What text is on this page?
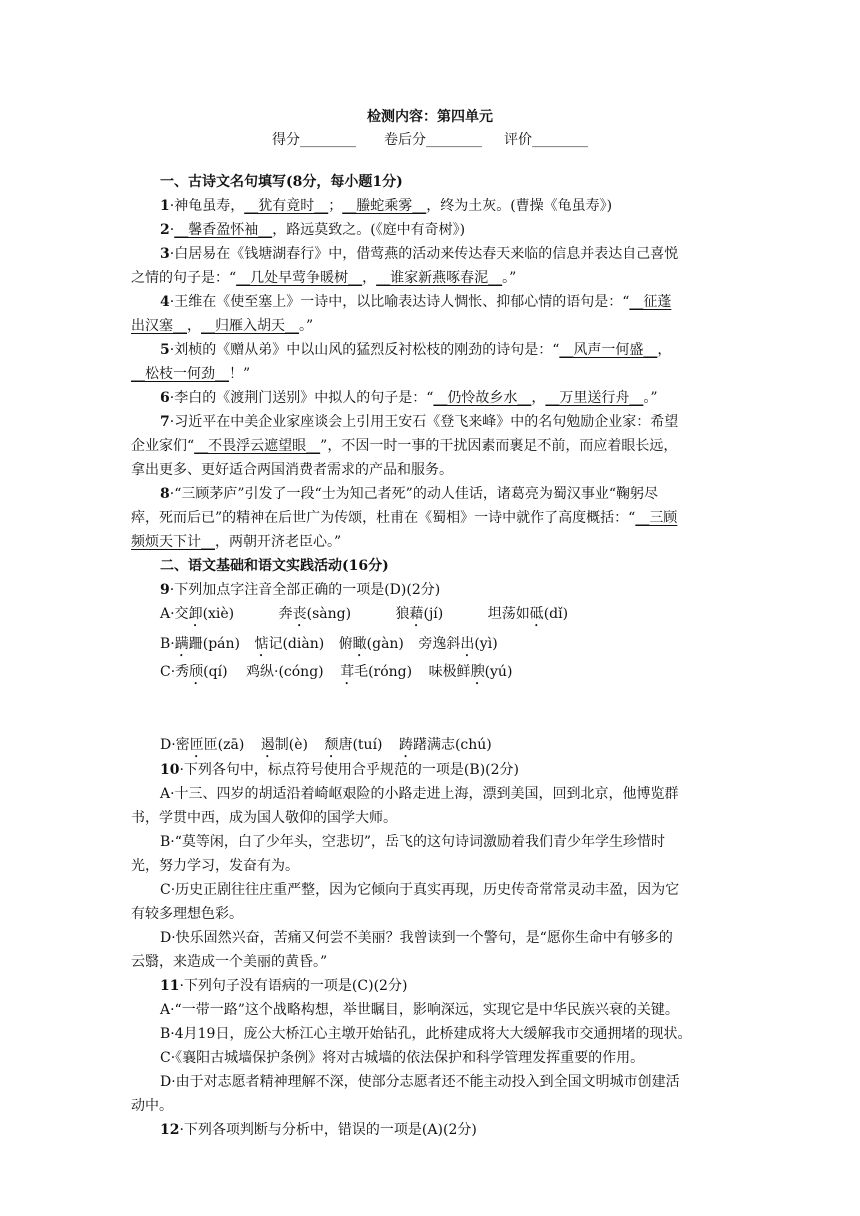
检测内容：第四单元
得分________ 卷后分________ 评价________
一、古诗文名句填写(8分，每小题1分)
1·神龟虽寿，__犹有竟时__；__螣蛇乘雾__，终为土灰。(曹操《龟虽寿》)
2·__馨香盈怀袖__，路远莫致之。(《庭中有奇树》)
3·白居易在《钱塘湖春行》中，借莺燕的活动来传达春天来临的信息并表达自己喜悦
之情的句子是：“__几处早莺争暖树__，__谁家新燕啄春泥__。”
4·王维在《使至塞上》一诗中，以比喻表达诗人惆怅、抑郁心情的语句是：“__征蓬
出汉塞__，__归雁入胡天__。”
5·刘桢的《赠从弟》中以山风的猛烈反衬松枝的刚劲的诗句是：“__风声一何盛__，
__松枝一何劲__！”
6·李白的《渡荆门送别》中拟人的句子是：“__仍怜故乡水__，__万里送行舟__。”
7·习近平在中美企业家座谈会上引用王安石《登飞来峰》中的名句勉励企业家：希望
企业家们“__不畏浮云遮望眼__”，不因一时一事的干扰因素而裹足不前，而应着眼长远，
拿出更多、更好适合两国消费者需求的产品和服务。
8·“三顾茅庐”引发了一段“士为知己者死”的动人佳话，诸葛亮为蜀汉事业“鞠躬尽
瘁，死而后已”的精神在后世广为传颂，杜甫在《蜀相》一诗中就作了高度概括：“__三顾
频烦天下计__，两朝开济老臣心。”
二、语文基础和语文实践活动(16分)
9·下列加点字注音全部正确的一项是(D)(2分)
A·交卸(xiè)	奔丧(sàng)	狼藉(jí)	坦荡如砥(dǐ)
B·蹒跚(pán) 惦记(diàn) 俯瞰(gàn) 旁逸斜出(yì)
C·秀颀(qí) 鸡纵·(cóng) 茸毛(róng) 味极鲜腴(yú)
D·密匝匝(zā) 遏制(è) 颓唐(tuí) 踌躇满志(chú)
10·下列各句中，标点符号使用合乎规范的一项是(B)(2分)
A·十三、四岁的胡适沿着崎岖艰险的小路走进上海，漂到美国，回到北京，他博览群
书，学贯中西，成为国人敬仰的国学大师。
B·“莫等闲，白了少年头，空悲切”，岳飞的这句诗词激励着我们青少年学生珍惜时
光，努力学习，发奋有为。
C·历史正剧往往庄重严整，因为它倾向于真实再现，历史传奇常常灵动丰盈，因为它
有较多理想色彩。
D·快乐固然兴奋，苦痛又何尝不美丽？我曾读到一个警句，是“愿你生命中有够多的
云翳，来造成一个美丽的黄昏。”
11·下列句子没有语病的一项是(C)(2分)
A·“一带一路”这个战略构想，举世瞩目，影响深远，实现它是中华民族兴衰的关键。
B·4月19日，庞公大桥江心主墩开始钻孔，此桥建成将大大缓解我市交通拥堵的现状。
C·《襄阳古城墙保护条例》将对古城墙的依法保护和科学管理发挥重要的作用。
D·由于对志愿者精神理解不深，使部分志愿者还不能主动投入到全国文明城市创建活
动中。
12·下列各项判断与分析中，错误的一项是(A)(2分)
